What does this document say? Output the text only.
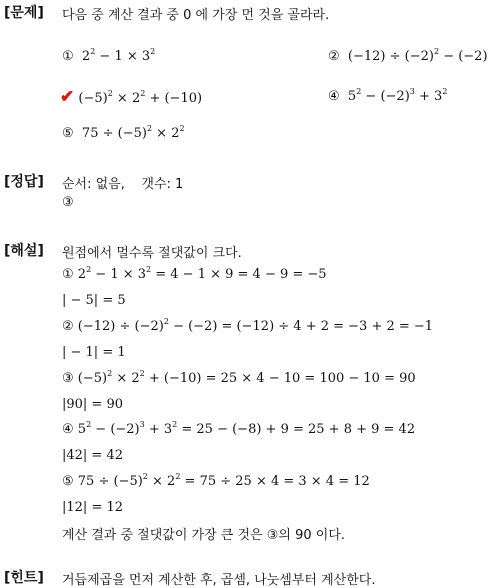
[문제] 다음 중 계산 결과 중 0 에 가장 먼 것을 골라라.
① $2^2 - 1 \times 3^2$	② $(-12) \div (-2)^2 - (-2)$
✔ $(-5)^2 \times 2^2 + (-10)$	④ $5^2 - (-2)^3 + 3^2$
⑤ $75 \div (-5)^2 \times 2^2$
[정답] 순서: 없음, 갯수: 1
③
[해설] 원점에서 멀수록 절댓값이 크다.
① $2^2 - 1 \times 3^2 = 4 - 1 \times 9 = 4 - 9 = -5$
| − 5| = 5
② $(-12) \div (-2)^2 - (-2) = (-12) \div 4 + 2 = -3 + 2 = -1$
| − 1| = 1
③ $(-5)^2 \times 2^2 + (-10) = 25 \times 4 - 10 = 100 - 10 = 90$
|90| = 90
④ $5^2 - (-2)^3 + 3^2 = 25 - (-8) + 9 = 25 + 8 + 9 = 42$
|42| = 42
⑤ $75 \div (-5)^2 \times 2^2 = 75 \div 25 \times 4 = 3 \times 4 = 12$
|12| = 12
계산 결과 중 절댓값이 가장 큰 것은 ③의 90 이다.
[힌트] 거듭제곱을 먼저 계산한 후, 곱셈, 나눗셈부터 계산한다.
